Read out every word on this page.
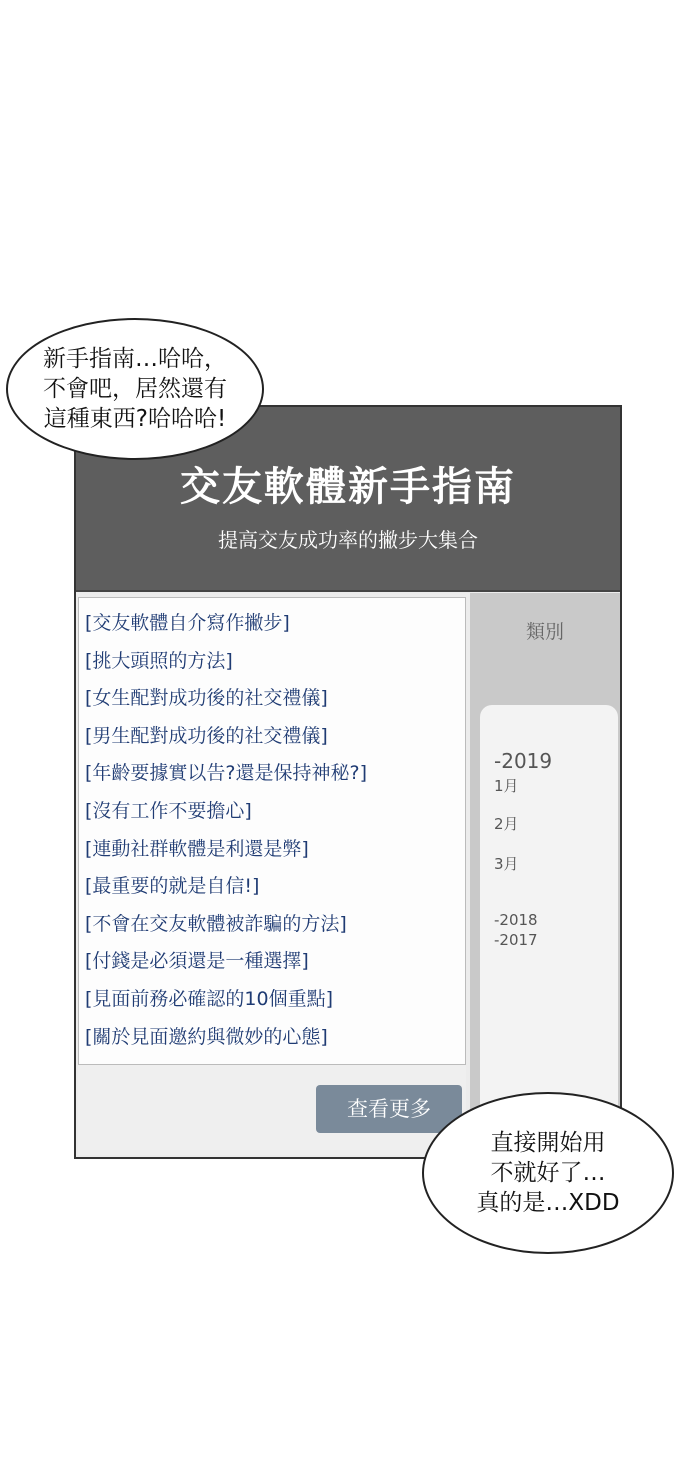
交友軟體新手指南
提高交友成功率的撇步大集合
[交友軟體自介寫作撇步]
[挑大頭照的方法]
[女生配對成功後的社交禮儀]
[男生配對成功後的社交禮儀]
[年齡要據實以告?還是保持神秘?]
[沒有工作不要擔心]
[連動社群軟體是利還是弊]
[最重要的就是自信!]
[不會在交友軟體被詐騙的方法]
[付錢是必須還是一種選擇]
[見面前務必確認的10個重點]
[關於見面邀約與微妙的心態]
查看更多
類別
-2019
1月
2月
3月
-2018
-2017
新手指南…哈哈，
不會吧，居然還有
這種東西?哈哈哈!
直接開始用
不就好了…
真的是…XDD
